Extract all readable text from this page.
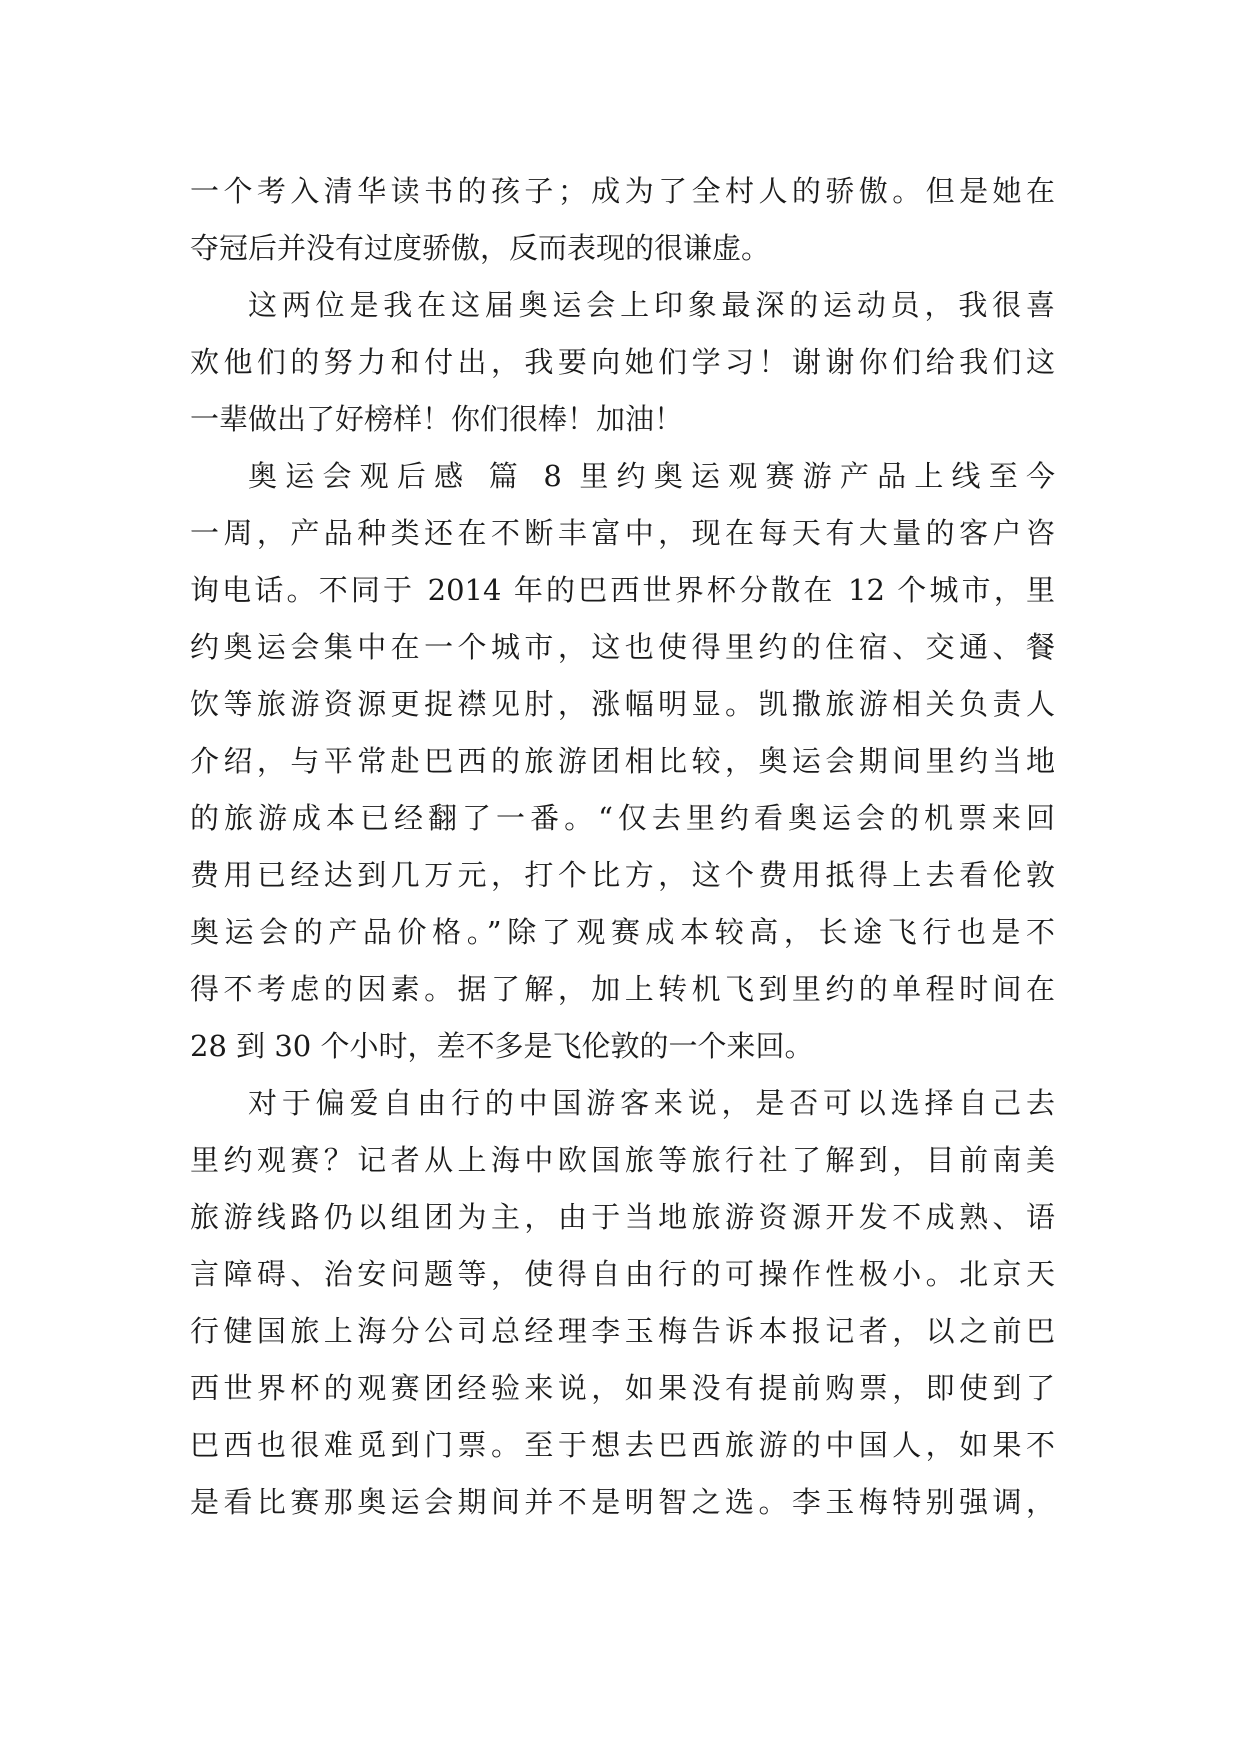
一个考入清华读书的孩子；成为了全村人的骄傲。但是她在
夺冠后并没有过度骄傲，反而表现的很谦虚。
这两位是我在这届奥运会上印象最深的运动员，我很喜
欢他们的努力和付出，我要向她们学习！谢谢你们给我们这
一辈做出了好榜样！你们很棒！加油！
奥运会观后感 篇 8 里约奥运观赛游产品上线至今
一周，产品种类还在不断丰富中，现在每天有大量的客户咨
询电话。不同于 2014 年的巴西世界杯分散在 12 个城市，里
约奥运会集中在一个城市，这也使得里约的住宿、交通、餐
饮等旅游资源更捉襟见肘，涨幅明显。凯撒旅游相关负责人
介绍，与平常赴巴西的旅游团相比较，奥运会期间里约当地
的旅游成本已经翻了一番。“仅去里约看奥运会的机票来回
费用已经达到几万元，打个比方，这个费用抵得上去看伦敦
奥运会的产品价格。”除了观赛成本较高，长途飞行也是不
得不考虑的因素。据了解，加上转机飞到里约的单程时间在
28 到 30 个小时，差不多是飞伦敦的一个来回。
对于偏爱自由行的中国游客来说，是否可以选择自己去
里约观赛？记者从上海中欧国旅等旅行社了解到，目前南美
旅游线路仍以组团为主，由于当地旅游资源开发不成熟、语
言障碍、治安问题等，使得自由行的可操作性极小。北京天
行健国旅上海分公司总经理李玉梅告诉本报记者，以之前巴
西世界杯的观赛团经验来说，如果没有提前购票，即使到了
巴西也很难觅到门票。至于想去巴西旅游的中国人，如果不
是看比赛那奥运会期间并不是明智之选。李玉梅特别强调，
